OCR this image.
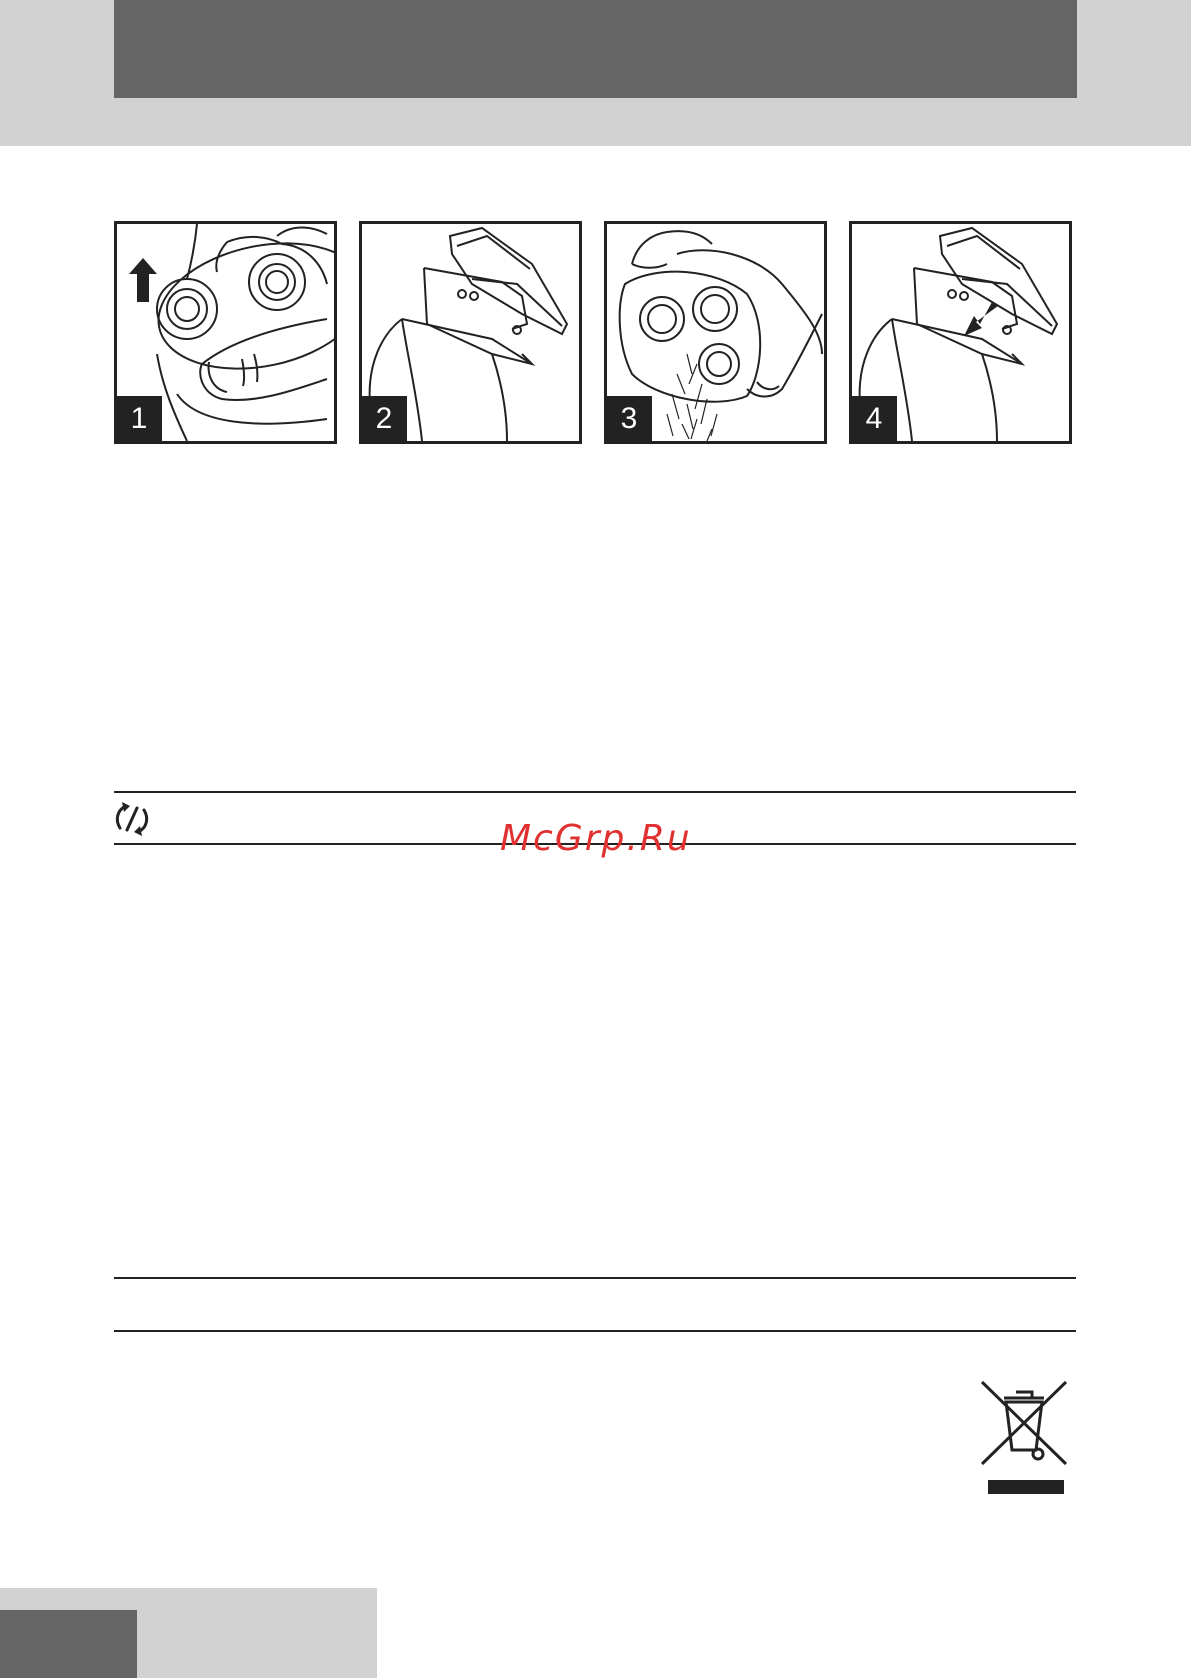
1	2	3	4
McGrp.Ru
